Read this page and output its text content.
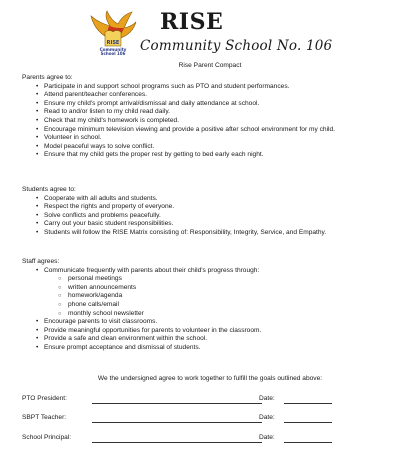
RISE
Community
School 106
RISE
Community School No. 106
Rise Parent Compact

Parents agree to:

• Participate in and support school programs such as PTO and student performances.
• Attend parent/teacher conferences.
• Ensure my child's prompt arrival/dismissal and daily attendance at school.
• Read to and/or listen to my child read daily.
• Check that my child's homework is completed.
• Encourage minimum television viewing and provide a positive after school environment for my child.
• Volunteer in school.
• Model peaceful ways to solve conflict.
• Ensure that my child gets the proper rest by getting to bed early each night.

Students agree to:

• Cooperate with all adults and students.
• Respect the rights and property of everyone.
• Solve conflicts and problems peacefully.
• Carry out your basic student responsibilities.
• Students will follow the RISE Matrix consisting of: Responsibility, Integrity, Service, and Empathy.

Staff agrees:

• Communicate frequently with parents about their child's progress through:
○ personal meetings
○ written announcements
○ homework/agenda
○ phone calls/email
○ monthly school newsletter
• Encourage parents to visit classrooms.
• Provide meaningful opportunities for parents to volunteer in the classroom.
• Provide a safe and clean environment within the school.
• Ensure prompt acceptance and dismissal of students.
We the undersigned agree to work together to fulfill the goals outlined above:
PTO President:	Date:
SBPT Teacher:	Date:
School Principal:	Date:
